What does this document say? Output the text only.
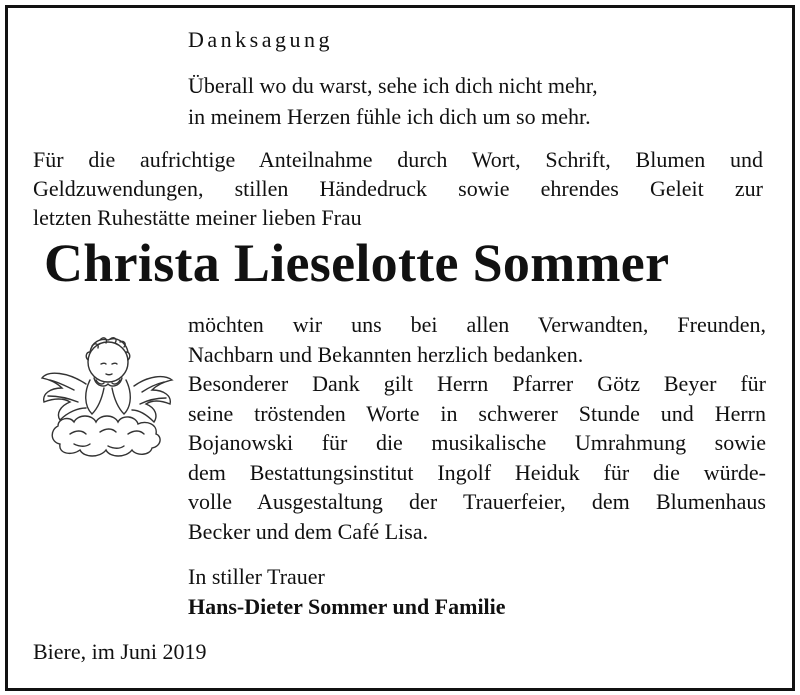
Danksagung
Überall wo du warst, sehe ich dich nicht mehr,
in meinem Herzen fühle ich dich um so mehr.
Für die aufrichtige Anteilnahme durch Wort, Schrift, Blumen und
Geldzuwendungen, stillen Händedruck sowie ehrendes Geleit zur
letzten Ruhestätte meiner lieben Frau
Christa Lieselotte Sommer
möchten wir uns bei allen Verwandten, Freunden,
Nachbarn und Bekannten herzlich bedanken.
Besonderer Dank gilt Herrn Pfarrer Götz Beyer für
seine tröstenden Worte in schwerer Stunde und Herrn
Bojanowski für die musikalische Umrahmung sowie
dem Bestattungsinstitut Ingolf Heiduk für die würde-
volle Ausgestaltung der Trauerfeier, dem Blumenhaus
Becker und dem Café Lisa.
In stiller Trauer
Hans-Dieter Sommer und Familie
Biere, im Juni 2019
